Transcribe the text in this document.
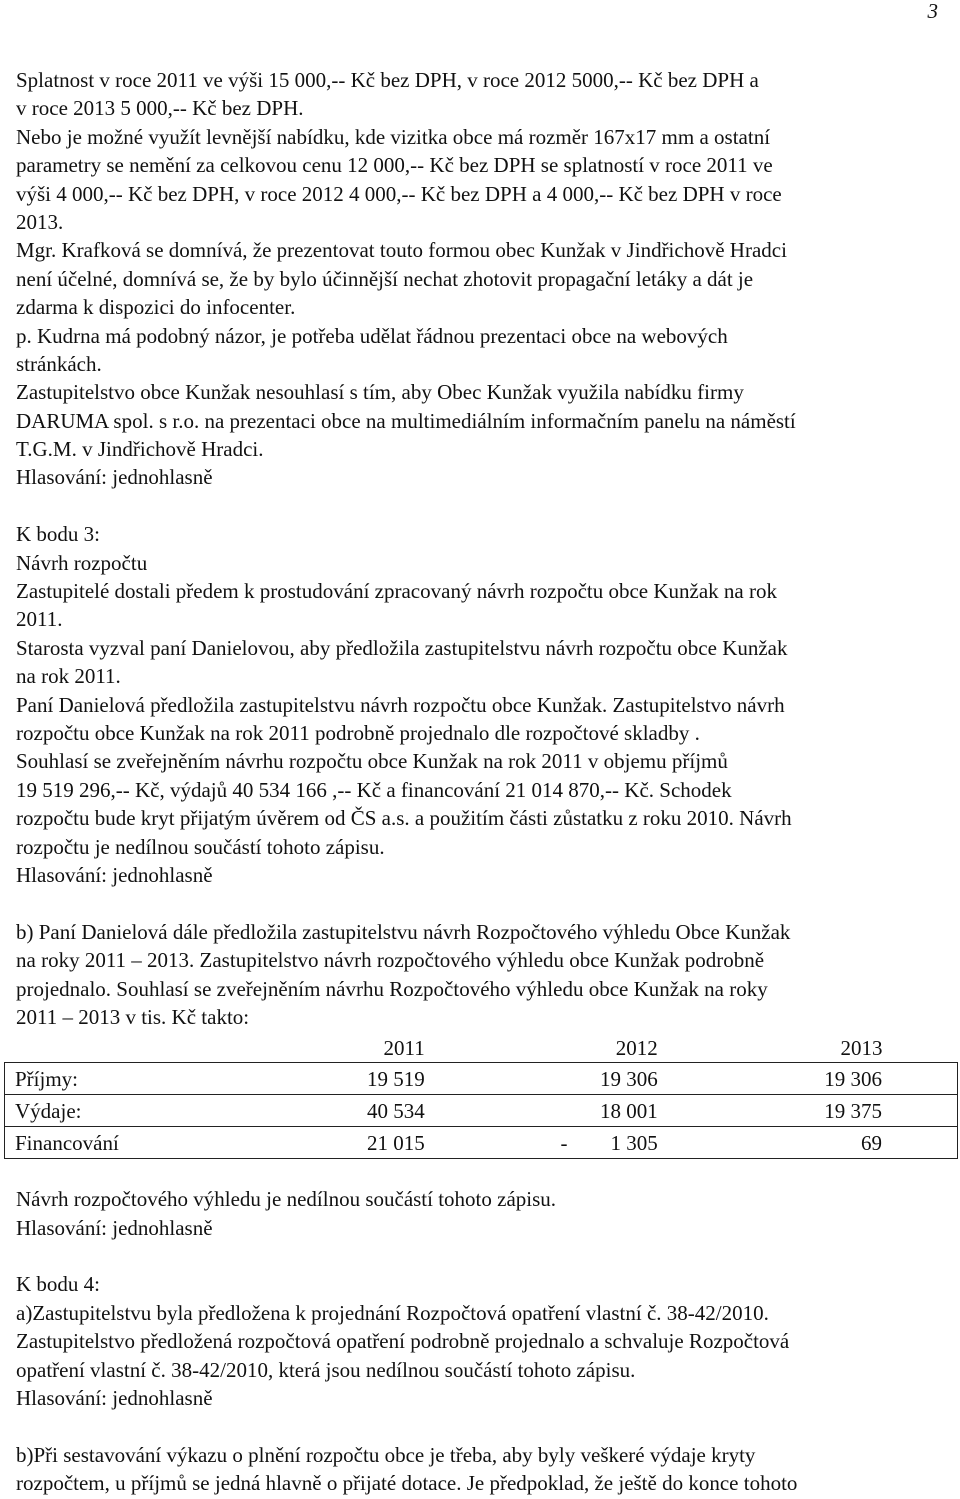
3
Splatnost v roce 2011 ve výši 15 000,-- Kč bez DPH, v roce 2012 5000,-- Kč bez DPH a
v roce 2013 5 000,-- Kč bez DPH.
Nebo je možné využít levnější nabídku, kde vizitka obce má rozměr 167x17 mm a ostatní
parametry se nemění za celkovou cenu 12 000,-- Kč bez DPH se splatností v roce 2011 ve
výši 4 000,-- Kč bez DPH, v roce 2012 4 000,-- Kč bez DPH a 4 000,-- Kč bez DPH v roce
2013.
Mgr. Krafková se domnívá, že prezentovat touto formou obec Kunžak v Jindřichově Hradci
není účelné, domnívá se, že by bylo účinnější nechat zhotovit propagační letáky a dát je
zdarma k dispozici do infocenter.
p. Kudrna má podobný názor, je potřeba udělat řádnou prezentaci obce na webových
stránkách.
Zastupitelstvo obce Kunžak nesouhlasí s tím, aby Obec Kunžak využila nabídku firmy
DARUMA spol. s r.o. na prezentaci obce na multimediálním informačním panelu na náměstí
T.G.M. v Jindřichově Hradci.
Hlasování: jednohlasně
K bodu 3:
Návrh rozpočtu
Zastupitelé dostali předem k prostudování zpracovaný návrh rozpočtu obce Kunžak na rok
2011.
Starosta vyzval paní Danielovou, aby předložila zastupitelstvu návrh rozpočtu obce Kunžak
na rok 2011.
Paní Danielová předložila zastupitelstvu návrh rozpočtu obce Kunžak. Zastupitelstvo návrh
rozpočtu obce Kunžak na rok 2011 podrobně projednalo dle rozpočtové skladby .
Souhlasí se zveřejněním návrhu rozpočtu obce Kunžak na rok 2011 v objemu příjmů
19 519 296,-- Kč, výdajů 40 534 166 ,-- Kč a financování 21 014 870,-- Kč. Schodek
rozpočtu bude kryt přijatým úvěrem od ČS a.s. a použitím části zůstatku z roku 2010. Návrh
rozpočtu je nedílnou součástí tohoto zápisu.
Hlasování: jednohlasně
b) Paní Danielová dále předložila zastupitelstvu návrh Rozpočtového výhledu Obce Kunžak
na roky 2011 – 2013. Zastupitelstvo návrh rozpočtového výhledu obce Kunžak podrobně
projednalo. Souhlasí se zveřejněním návrhu Rozpočtového výhledu obce Kunžak na roky
2011 – 2013 v tis. Kč takto:
	2011	2012	2013
Příjmy:	19 519	19 306	19 306
Výdaje:	40 534	18 001	19 375
Financování	21 015	- 1 305	69
Návrh rozpočtového výhledu je nedílnou součástí tohoto zápisu.
Hlasování: jednohlasně
K bodu 4:
a)Zastupitelstvu byla předložena k projednání Rozpočtová opatření vlastní č. 38-42/2010.
Zastupitelstvo předložená rozpočtová opatření podrobně projednalo a schvaluje Rozpočtová
opatření vlastní č. 38-42/2010, která jsou nedílnou součástí tohoto zápisu.
Hlasování: jednohlasně
b)Při sestavování výkazu o plnění rozpočtu obce je třeba, aby byly veškeré výdaje kryty
rozpočtem, u příjmů se jedná hlavně o přijaté dotace. Je předpoklad, že ještě do konce tohoto
